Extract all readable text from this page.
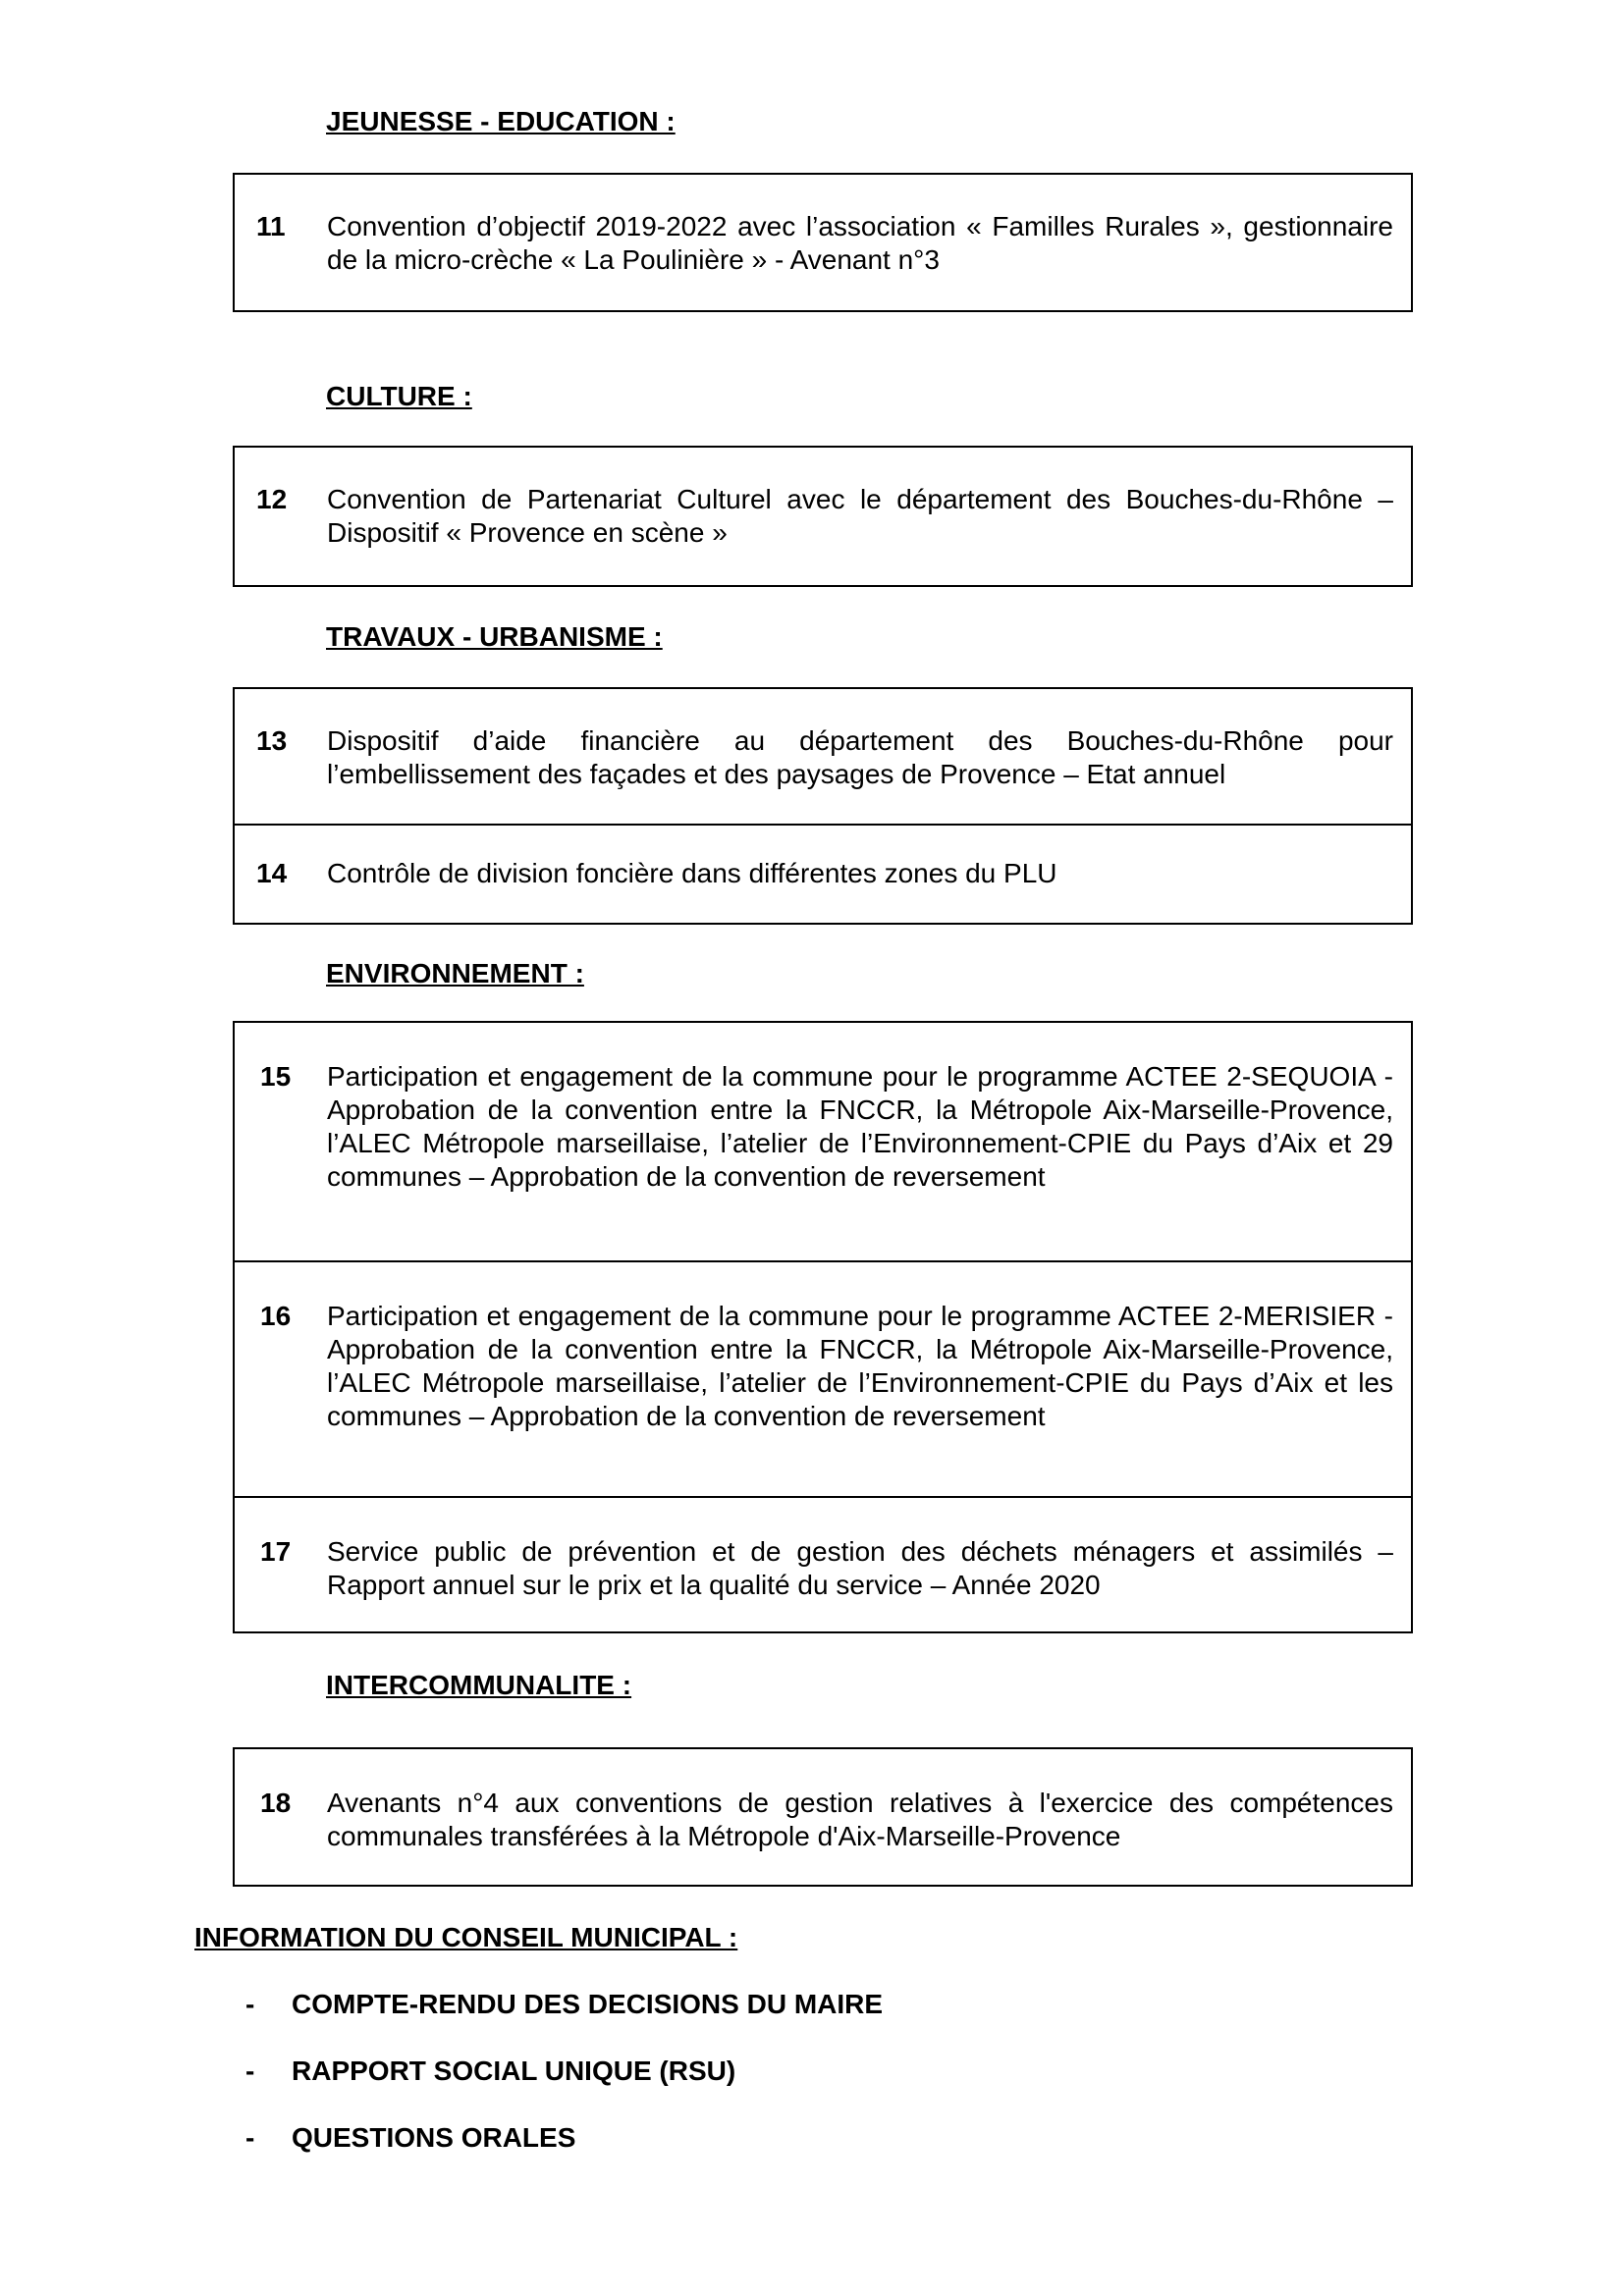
JEUNESSE - EDUCATION :
11 Convention d’objectif 2019-2022 avec l’association « Familles Rurales », gestionnaire de la micro-crèche « La Poulinière » - Avenant n°3
CULTURE :
12 Convention de Partenariat Culturel avec le département des Bouches-du-Rhône – Dispositif « Provence en scène »
TRAVAUX - URBANISME :
13 Dispositif d’aide financière au département des Bouches-du-Rhône pour l’embellissement des façades et des paysages de Provence – Etat annuel
14 Contrôle de division foncière dans différentes zones du PLU
ENVIRONNEMENT :
15 Participation et engagement de la commune pour le programme ACTEE 2-SEQUOIA - Approbation de la convention entre la FNCCR, la Métropole Aix-Marseille-Provence, l’ALEC Métropole marseillaise, l’atelier de l’Environnement-CPIE du Pays d’Aix et 29 communes – Approbation de la convention de reversement
16 Participation et engagement de la commune pour le programme ACTEE 2-MERISIER - Approbation de la convention entre la FNCCR, la Métropole Aix-Marseille-Provence, l’ALEC Métropole marseillaise, l’atelier de l’Environnement-CPIE du Pays d’Aix et les communes – Approbation de la convention de reversement
17 Service public de prévention et de gestion des déchets ménagers et assimilés – Rapport annuel sur le prix et la qualité du service – Année 2020
INTERCOMMUNALITE :
18 Avenants n°4 aux conventions de gestion relatives à l'exercice des compétences communales transférées à la Métropole d'Aix-Marseille-Provence
INFORMATION DU CONSEIL MUNICIPAL :
- COMPTE-RENDU DES DECISIONS DU MAIRE
- RAPPORT SOCIAL UNIQUE (RSU)
- QUESTIONS ORALES
